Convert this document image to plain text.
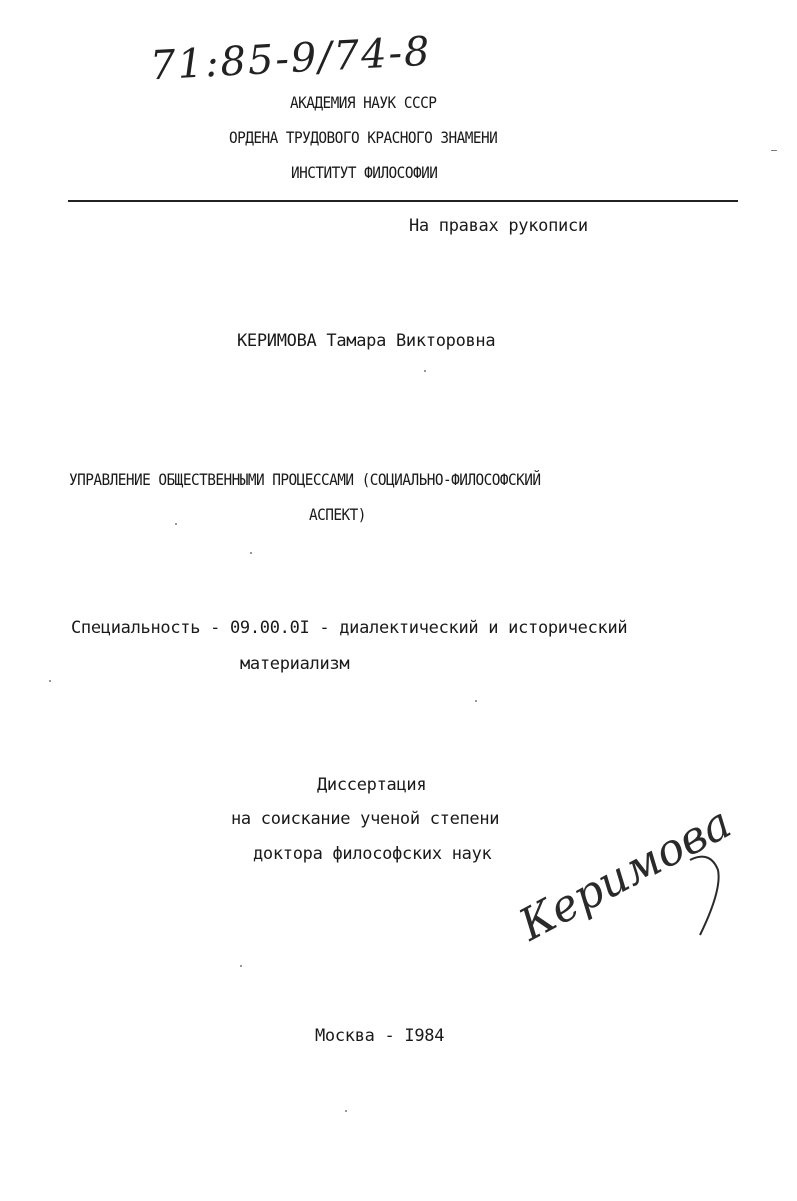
71:85-9/74-8
АКАДЕМИЯ НАУК СССР
ОРДЕНА ТРУДОВОГО КРАСНОГО ЗНАМЕНИ
ИНСТИТУТ ФИЛОСОФИИ
На правах рукописи
КЕРИМОВА Тамара Викторовна
УПРАВЛЕНИЕ ОБЩЕСТВЕННЫМИ ПРОЦЕССАМИ (СОЦИАЛЬНО-ФИЛОСОФСКИЙ
АСПЕКТ)
Специальность - 09.00.0I - диалектический и исторический
материализм
Диссертация
на соискание ученой степени
доктора философских наук Керимова
Москва - I984
